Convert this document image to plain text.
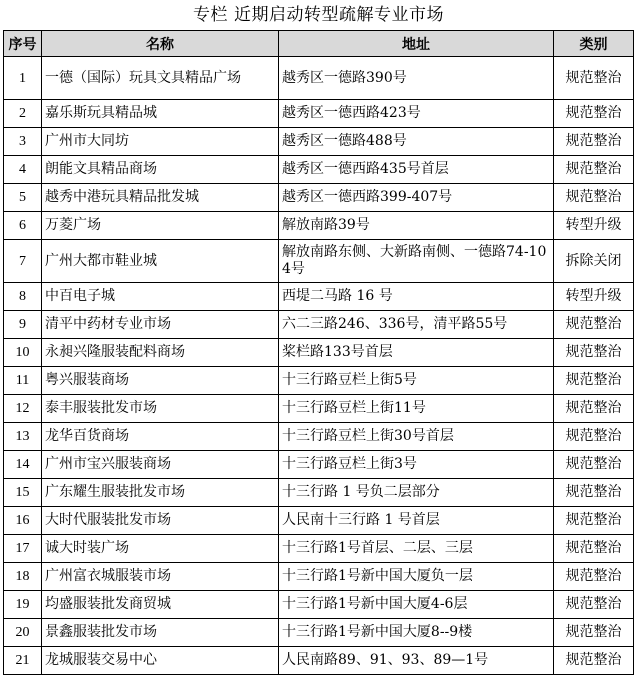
专栏 近期启动转型疏解专业市场
序号	名称	地址	类别
1	一德（国际）玩具文具精品广场	越秀区一德路390号	规范整治
2	嘉乐斯玩具精品城	越秀区一德西路423号	规范整治
3	广州市大同坊	越秀区一德路488号	规范整治
4	朗能文具精品商场	越秀区一德西路435号首层	规范整治
5	越秀中港玩具精品批发城	越秀区一德西路399-407号	规范整治
6	万菱广场	解放南路39号	转型升级
7	广州大都市鞋业城	解放南路东侧、大新路南侧、一德路74-104号	拆除关闭
8	中百电子城	西堤二马路 16 号	转型升级
9	清平中药材专业市场	六二三路246、336号，清平路55号	规范整治
10	永昶兴隆服装配料商场	桨栏路133号首层	规范整治
11	粤兴服装商场	十三行路豆栏上街5号	规范整治
12	泰丰服装批发市场	十三行路豆栏上街11号	规范整治
13	龙华百货商场	十三行路豆栏上街30号首层	规范整治
14	广州市宝兴服装商场	十三行路豆栏上街3号	规范整治
15	广东耀生服装批发市场	十三行路 1 号负二层部分	规范整治
16	大时代服装批发市场	人民南十三行路 1 号首层	规范整治
17	诚大时装广场	十三行路1号首层、二层、三层	规范整治
18	广州富衣城服装市场	十三行路1号新中国大厦负一层	规范整治
19	均盛服装批发商贸城	十三行路1号新中国大厦4-6层	规范整治
20	景鑫服装批发市场	十三行路1号新中国大厦8--9楼	规范整治
21	龙城服装交易中心	人民南路89、91、93、89—1号	规范整治
